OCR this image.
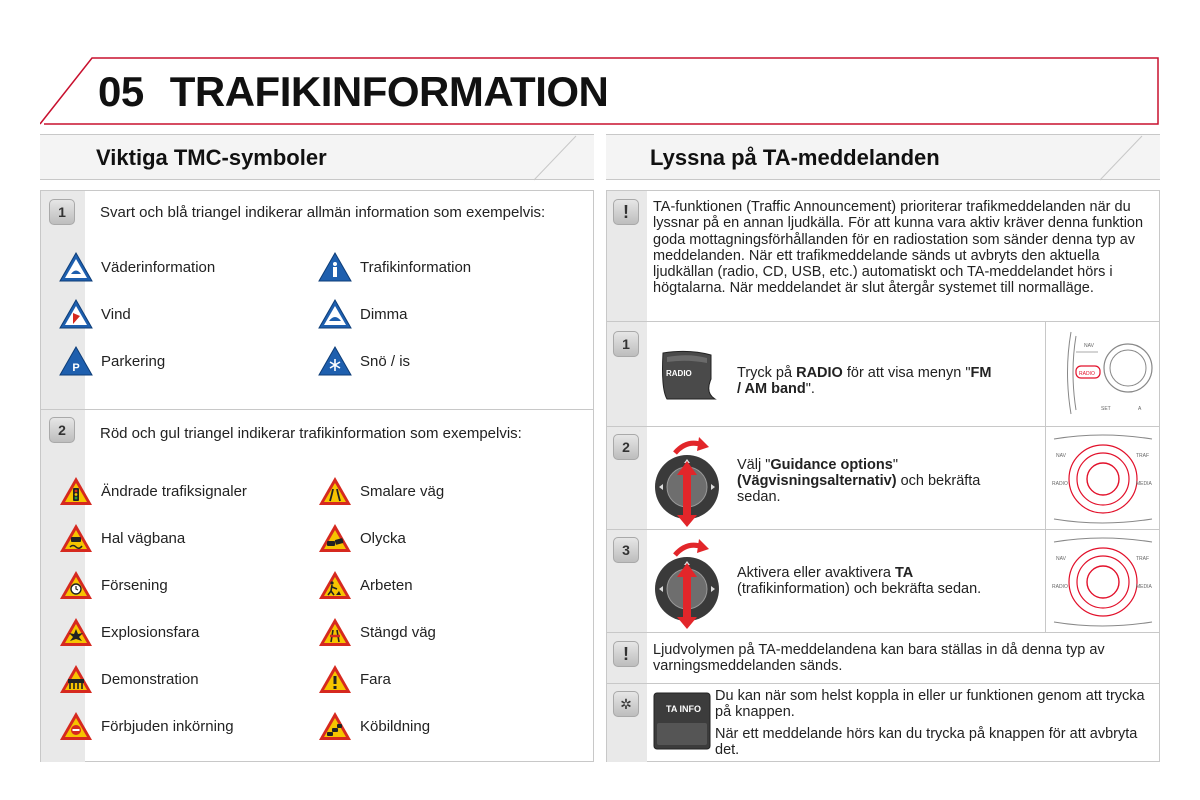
05 TRAFIKINFORMATION
Viktiga TMC-symboler
1	Svart och blå triangel indikerar allmän information som exempelvis:
Väderinformation	Trafikinformation
Vind	Dimma
P Parkering	Snö / is
2	Röd och gul triangel indikerar trafikinformation som exempelvis:
Ändrade trafiksignaler	Smalare väg
Hal vägbana	Olycka
Försening	Arbeten
Explosionsfara	Stängd väg
Demonstration	Fara
Förbjuden inkörning	Köbildning
Lyssna på TA-meddelanden
!	TA-funktionen (Traffic Announcement) prioriterar trafikmeddelanden när du lyssnar på en annan ljudkälla. För att kunna vara aktiv kräver denna funktion goda mottagningsförhållanden för en radiostation som sänder denna typ av meddelanden. När ett trafikmeddelande sänds ut avbryts den aktuella ljudkällan (radio, CD, USB, etc.) automatiskt och TA-meddelandet hörs i högtalarna. När meddelandet är slut återgår systemet till normalläge.
1
RADIO	Tryck på RADIO för att visa menyn "FM / AM band".
NAV
RADIO
SET	A
2
Välj "Guidance options" (Vägvisningsalternativ) och bekräfta sedan.
NAV	TRAF
RADIO	MEDIA
3
Aktivera eller avaktivera TA (trafikinformation) och bekräfta sedan.
NAV	TRAF
RADIO	MEDIA
!	Ljudvolymen på TA-meddelandena kan bara ställas in då denna typ av varningsmeddelanden sänds.
✲	TA INFO
Du kan när som helst koppla in eller ur funktionen genom att trycka på knappen.
När ett meddelande hörs kan du trycka på knappen för att avbryta det.
